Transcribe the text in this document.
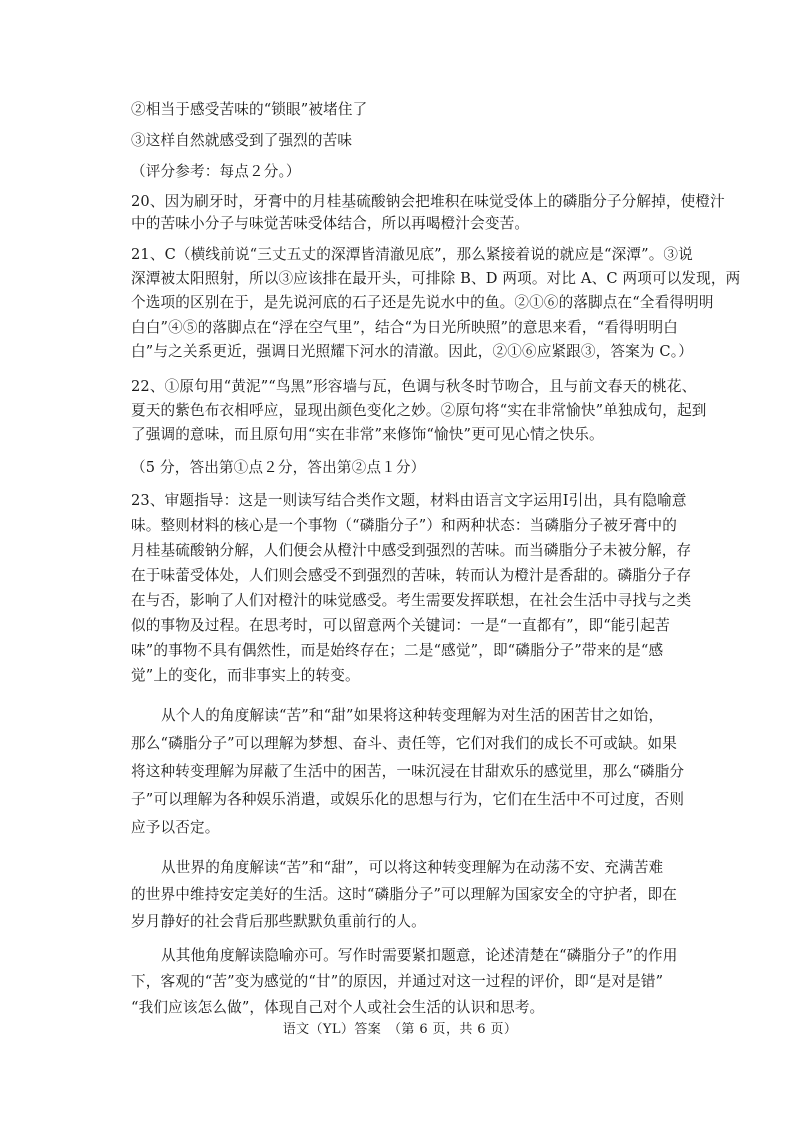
②相当于感受苦味的“锁眼”被堵住了
③这样自然就感受到了强烈的苦味
（评分参考：每点２分。）
20、因为刷牙时，牙膏中的月桂基硫酸钠会把堆积在味觉受体上的磷脂分子分解掉，使橙汁
中的苦味小分子与味觉苦味受体结合，所以再喝橙汁会变苦。
21、C（横线前说“三丈五丈的深潭皆清澈见底”，那么紧接着说的就应是“深潭”。③说
深潭被太阳照射，所以③应该排在最开头，可排除 B、D 两项。对比 A、C 两项可以发现，两
个选项的区别在于，是先说河底的石子还是先说水中的鱼。②①⑥的落脚点在“全看得明明
白白”④⑤的落脚点在“浮在空气里”，结合“为日光所映照”的意思来看，“看得明明白
白”与之关系更近，强调日光照耀下河水的清澈。因此，②①⑥应紧跟③，答案为 C。）
22、①原句用“黄泥”“鸟黑”形容墙与瓦，色调与秋冬时节吻合，且与前文春天的桃花、
夏天的紫色布衣相呼应，显现出颜色变化之妙。②原句将“实在非常愉快”单独成句，起到
了强调的意味，而且原句用“实在非常”来修饰“愉快”更可见心情之快乐。
（5 分，答出第①点２分，答出第②点１分）
23、审题指导：这是一则读写结合类作文题，材料由语言文字运用Ⅰ引出，具有隐喻意
味。整则材料的核心是一个事物（“磷脂分子”）和两种状态：当磷脂分子被牙膏中的
月桂基硫酸钠分解，人们便会从橙汁中感受到强烈的苦味。而当磷脂分子未被分解，存
在于味蕾受体处，人们则会感受不到强烈的苦味，转而认为橙汁是香甜的。磷脂分子存
在与否，影响了人们对橙汁的味觉感受。考生需要发挥联想，在社会生活中寻找与之类
似的事物及过程。在思考时，可以留意两个关键词：一是“一直都有”，即“能引起苦
味”的事物不具有偶然性，而是始终存在；二是“感觉”，即“磷脂分子”带来的是“感
觉”上的变化，而非事实上的转变。
从个人的角度解读“苦”和“甜”如果将这种转变理解为对生活的困苦甘之如饴，
那么“磷脂分子”可以理解为梦想、奋斗、责任等，它们对我们的成长不可或缺。如果
将这种转变理解为屏蔽了生活中的困苦，一味沉浸在甘甜欢乐的感觉里，那么“磷脂分
子”可以理解为各种娱乐消遣，或娱乐化的思想与行为，它们在生活中不可过度，否则
应予以否定。
从世界的角度解读“苦”和“甜”，可以将这种转变理解为在动荡不安、充满苦难
的世界中维持安定美好的生活。这时“磷脂分子”可以理解为国家安全的守护者，即在
岁月静好的社会背后那些默默负重前行的人。
从其他角度解读隐喻亦可。写作时需要紧扣题意，论述清楚在“磷脂分子”的作用
下，客观的“苦”变为感觉的“甘”的原因，并通过对这一过程的评价，即“是对是错”
“我们应该怎么做”，体现自己对个人或社会生活的认识和思考。
语文（YL）答案　（第 6 页，共 6 页）
